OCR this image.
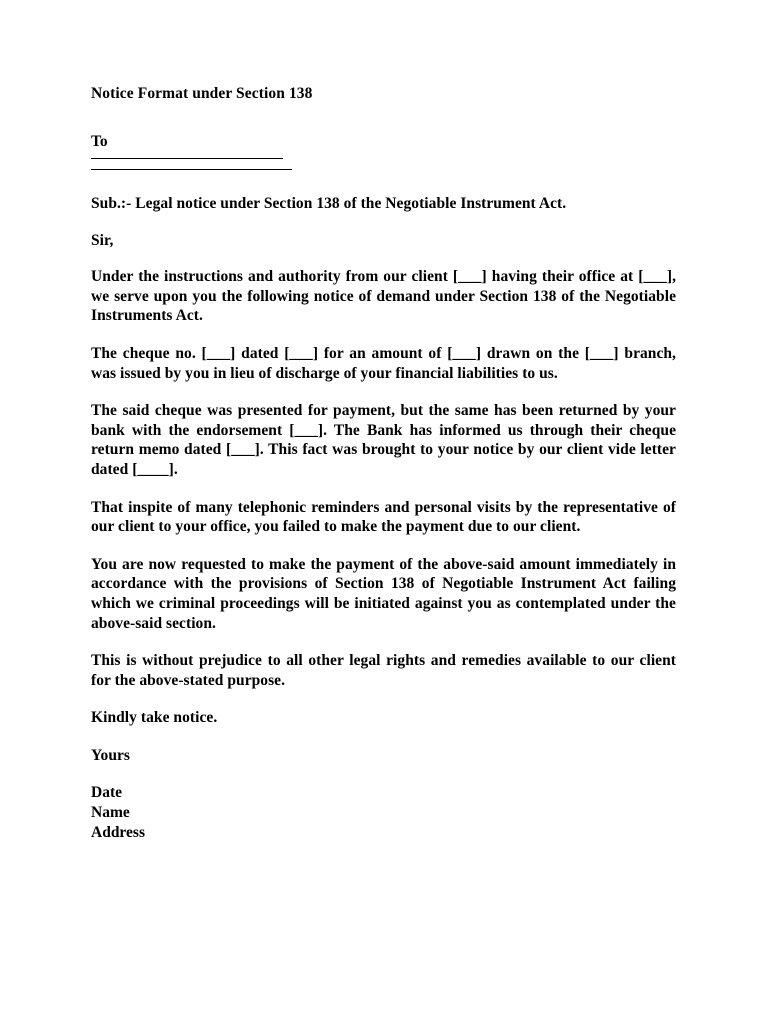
Notice Format under Section 138
To

Sub.:- Legal notice under Section 138 of the Negotiable Instrument Act.

Sir,

Under the instructions and authority from our client [___] having their office at [___], we serve upon you the following notice of demand under Section 138 of the Negotiable Instruments Act.

The cheque no. [___] dated [___] for an amount of [___] drawn on the [___] branch, was issued by you in lieu of discharge of your financial liabilities to us.

The said cheque was presented for payment, but the same has been returned by your bank with the endorsement [___]. The Bank has informed us through their cheque return memo dated [___]. This fact was brought to your notice by our client vide letter dated [____].

That inspite of many telephonic reminders and personal visits by the representative of our client to your office, you failed to make the payment due to our client.

You are now requested to make the payment of the above-said amount immediately in accordance with the provisions of Section 138 of Negotiable Instrument Act failing which we criminal proceedings will be initiated against you as contemplated under the above-said section.

This is without prejudice to all other legal rights and remedies available to our client for the above-stated purpose.

Kindly take notice.

Yours

Date
Name
Address
